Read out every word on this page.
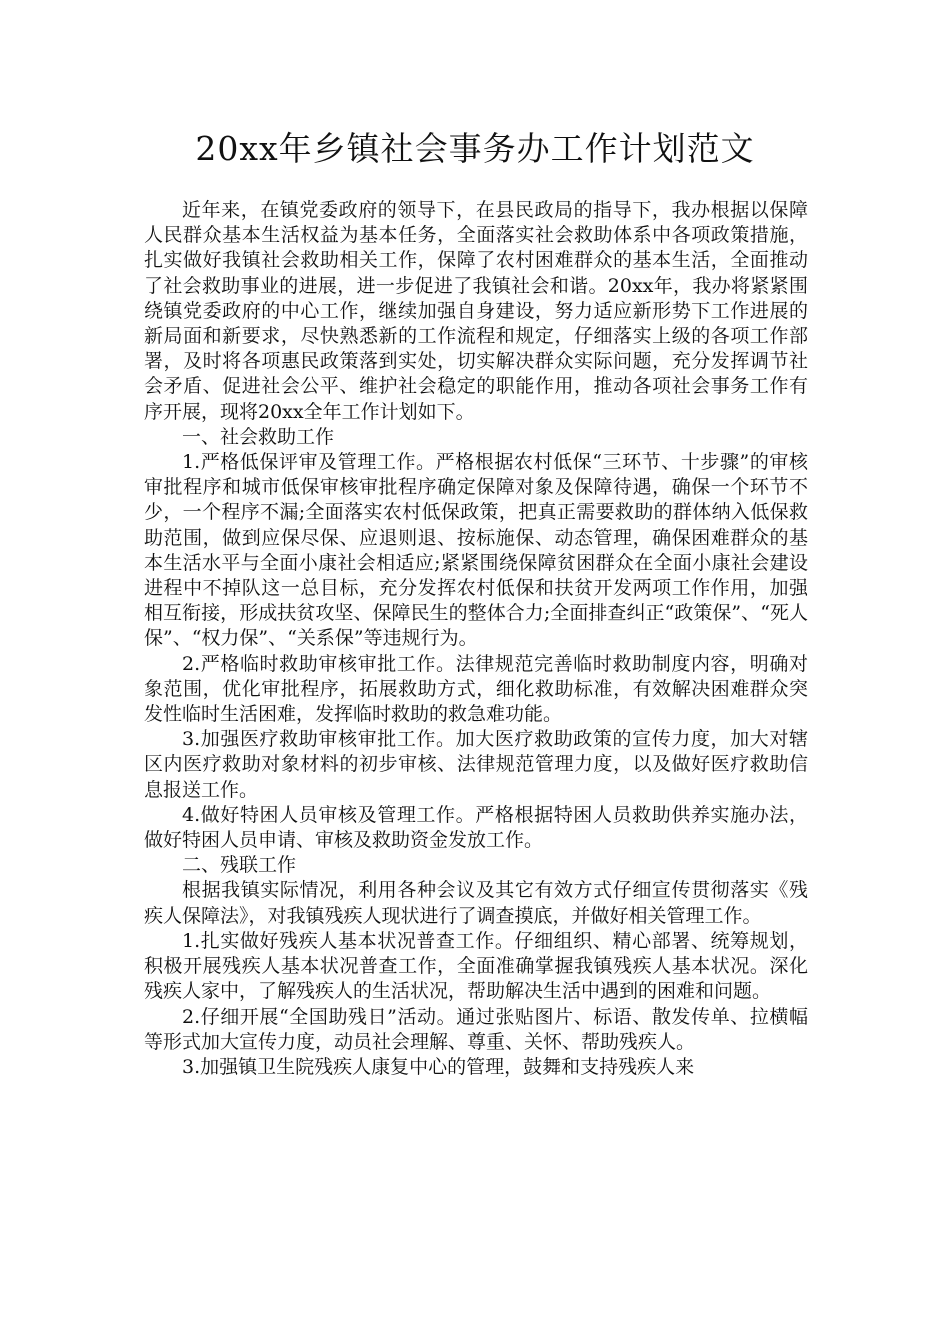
20xx年乡镇社会事务办工作计划范文

近年来，在镇党委政府的领导下，在县民政局的指导下，我办根据以保障人民群众基本生活权益为基本任务，全面落实社会救助体系中各项政策措施，扎实做好我镇社会救助相关工作，保障了农村困难群众的基本生活，全面推动了社会救助事业的进展，进一步促进了我镇社会和谐。20xx年，我办将紧紧围绕镇党委政府的中心工作，继续加强自身建设，努力适应新形势下工作进展的新局面和新要求，尽快熟悉新的工作流程和规定，仔细落实上级的各项工作部署，及时将各项惠民政策落到实处，切实解决群众实际问题，充分发挥调节社会矛盾、促进社会公平、维护社会稳定的职能作用，推动各项社会事务工作有序开展，现将20xx全年工作计划如下。

一、社会救助工作

1.严格低保评审及管理工作。严格根据农村低保“三环节、十步骤”的审核审批程序和城市低保审核审批程序确定保障对象及保障待遇，确保一个环节不少，一个程序不漏;全面落实农村低保政策，把真正需要救助的群体纳入低保救助范围，做到应保尽保、应退则退、按标施保、动态管理，确保困难群众的基本生活水平与全面小康社会相适应;紧紧围绕保障贫困群众在全面小康社会建设进程中不掉队这一总目标，充分发挥农村低保和扶贫开发两项工作作用，加强相互衔接，形成扶贫攻坚、保障民生的整体合力;全面排查纠正“政策保”、“死人保”、“权力保”、“关系保”等违规行为。

2.严格临时救助审核审批工作。法律规范完善临时救助制度内容，明确对象范围，优化审批程序，拓展救助方式，细化救助标准，有效解决困难群众突发性临时生活困难，发挥临时救助的救急难功能。

3.加强医疗救助审核审批工作。加大医疗救助政策的宣传力度，加大对辖区内医疗救助对象材料的初步审核、法律规范管理力度，以及做好医疗救助信息报送工作。

4.做好特困人员审核及管理工作。严格根据特困人员救助供养实施办法，做好特困人员申请、审核及救助资金发放工作。

二、残联工作

根据我镇实际情况，利用各种会议及其它有效方式仔细宣传贯彻落实《残疾人保障法》，对我镇残疾人现状进行了调查摸底，并做好相关管理工作。

1.扎实做好残疾人基本状况普查工作。仔细组织、精心部署、统筹规划，积极开展残疾人基本状况普查工作，全面准确掌握我镇残疾人基本状况。深化残疾人家中，了解残疾人的生活状况，帮助解决生活中遇到的困难和问题。

2.仔细开展“全国助残日”活动。通过张贴图片、标语、散发传单、拉横幅等形式加大宣传力度，动员社会理解、尊重、关怀、帮助残疾人。

3.加强镇卫生院残疾人康复中心的管理，鼓舞和支持残疾人来
